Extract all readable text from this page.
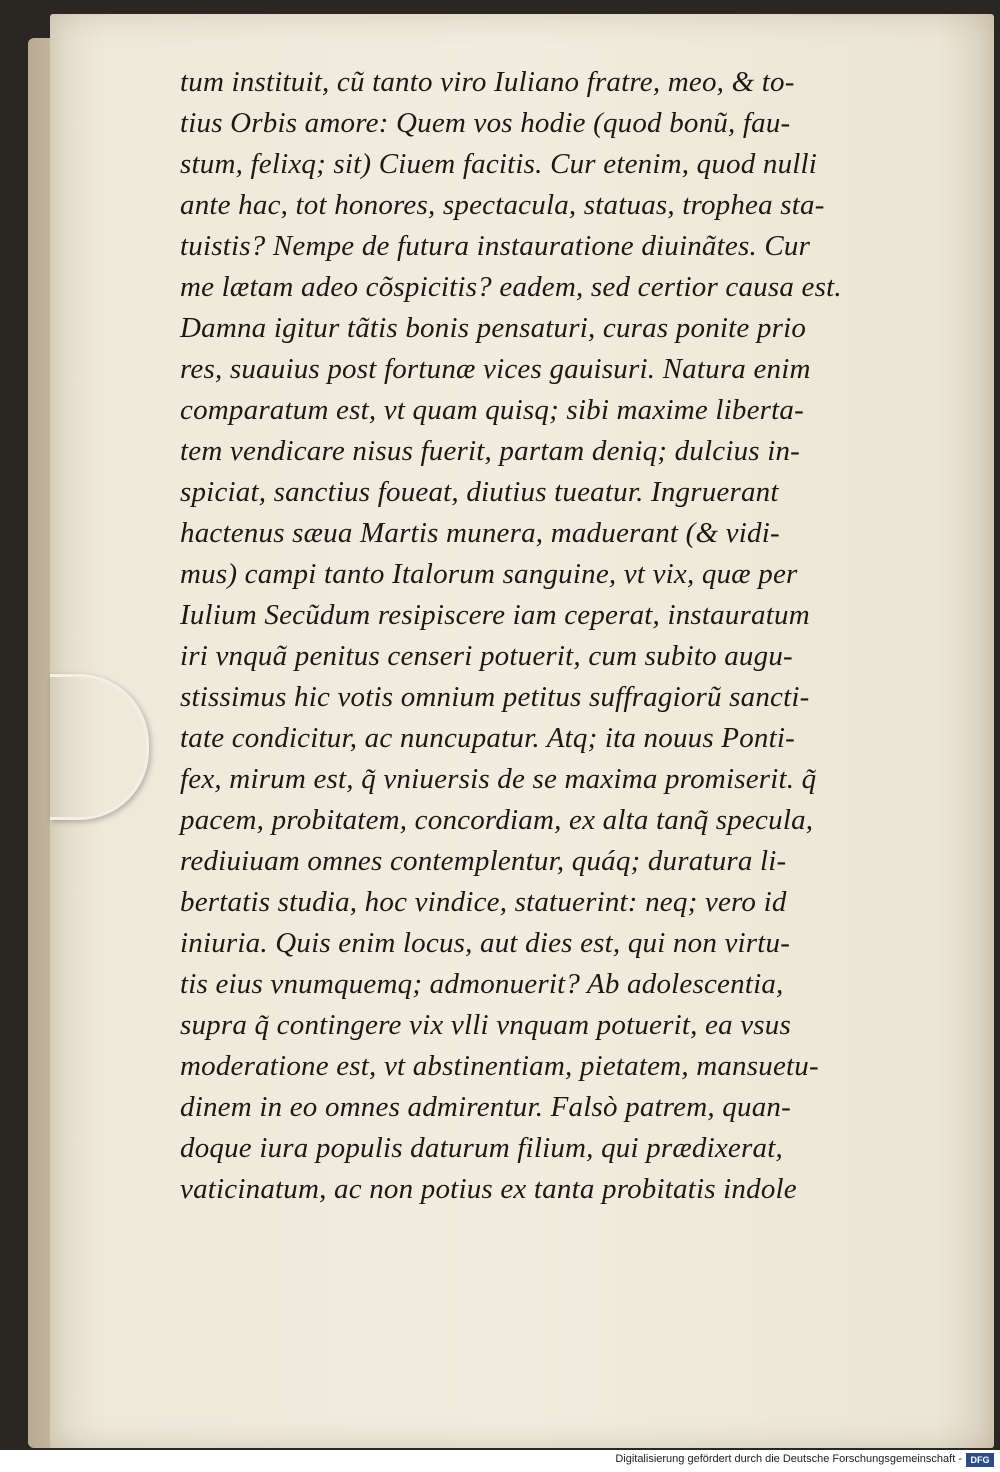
tum instituit, cũ tanto viro Iuliano fratre, meo, & to-
tius Orbis amore: Quem vos hodie (quod bonũ, fau-
stum, felixq; sit) Ciuem facitis. Cur etenim, quod nulli
ante hac, tot honores, spectacula, statuas, trophea sta-
tuistis? Nempe de futura instauratione diuinãtes. Cur
me lætam adeo cõspicitis? eadem, sed certior causa est.
Damna igitur tãtis bonis pensaturi, curas ponite prio
res, suauius post fortunæ vices gauisuri. Natura enim
comparatum est, vt quam quisq; sibi maxime liberta-
tem vendicare nisus fuerit, partam deniq; dulcius in-
spiciat, sanctius foueat, diutius tueatur. Ingruerant
hactenus sæua Martis munera, maduerant (& vidi-
mus) campi tanto Italorum sanguine, vt vix, quæ per
Iulium Secũdum resipiscere iam ceperat, instauratum
iri vnquã penitus censeri potuerit, cum subito augu-
stissimus hic votis omnium petitus suffragiorũ sancti-
tate condicitur, ac nuncupatur. Atq; ita nouus Ponti-
fex, mirum est, q̃ vniuersis de se maxima promiserit. q̃
pacem, probitatem, concordiam, ex alta tanq̃ specula,
rediuiuam omnes contemplentur, quáq; duratura li-
bertatis studia, hoc vindice, statuerint: neq; vero id
iniuria. Quis enim locus, aut dies est, qui non virtu-
tis eius vnumquemq; admonuerit? Ab adolescentia,
supra q̃ contingere vix vlli vnquam potuerit, ea vsus
moderatione est, vt abstinentiam, pietatem, mansuetu-
dinem in eo omnes admirentur. Falsò patrem, quan-
doque iura populis daturum filium, qui prædixerat,
vaticinatum, ac non potius ex tanta probitatis indole
Digitalisierung gefördert durch die Deutsche Forschungsgemeinschaft - DFG
